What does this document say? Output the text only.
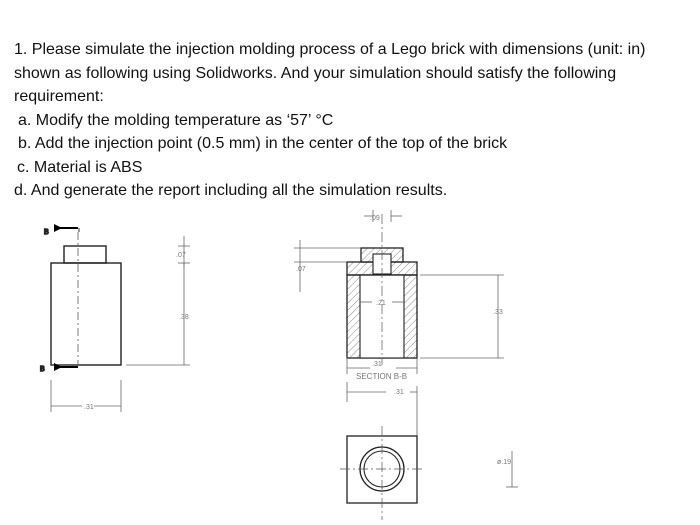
1. Please simulate the injection molding process of a Lego brick with dimensions (unit: in) shown as following using Solidworks. And your simulation should satisfy the following requirement:

a. Modify the molding temperature as ‘57’ °C

b. Add the injection point (0.5 mm) in the center of the top of the brick

c. Material is ABS

d. And generate the report including all the simulation results.

B
B
.07
.38
.31
.09
.07
.21
.33
.31
SECTION B-B
.31
ø.19
